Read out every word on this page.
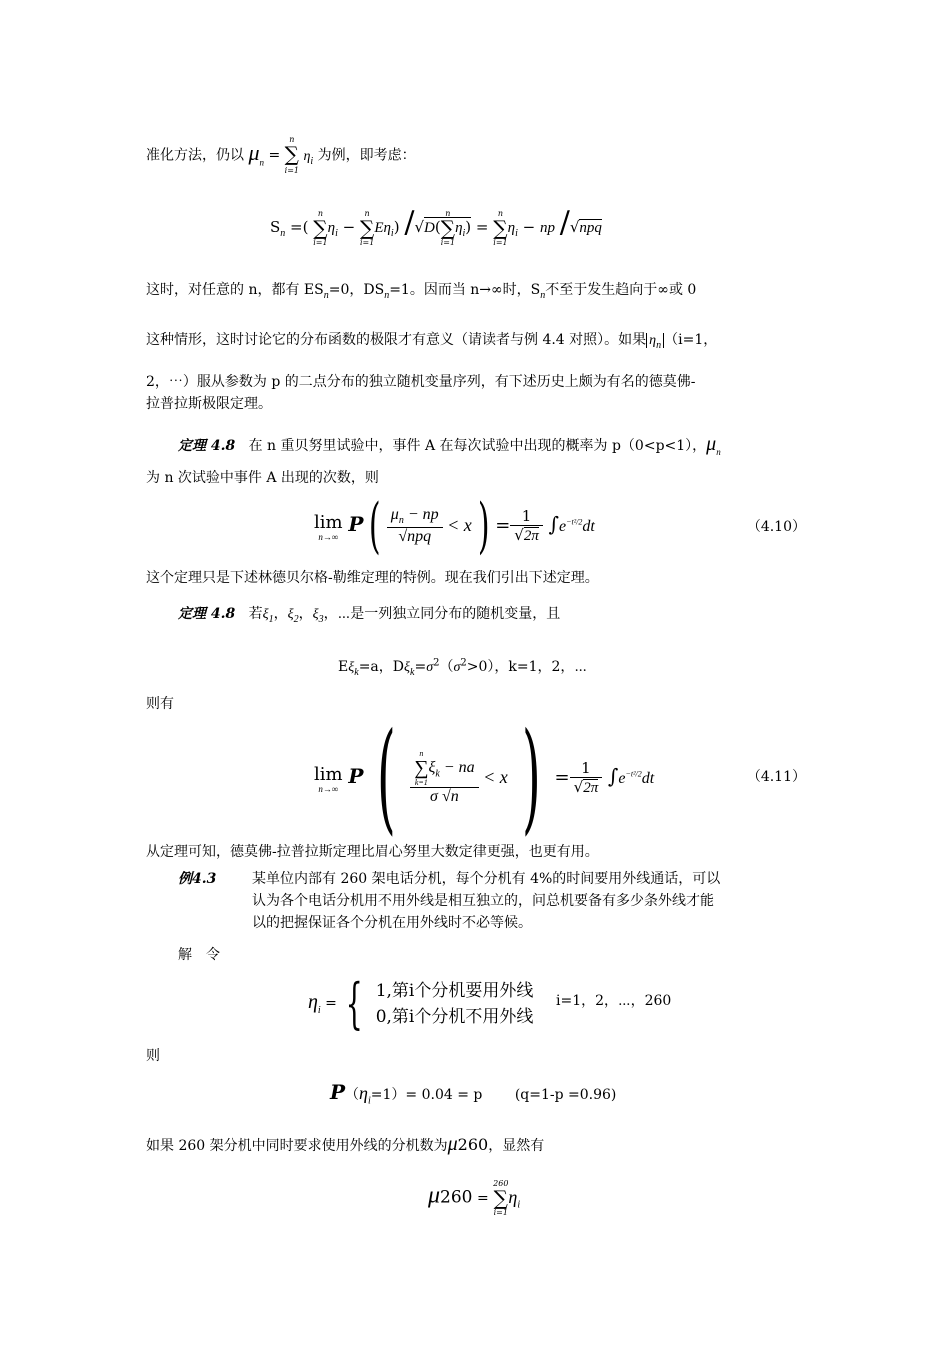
准化方法，仍以 $\mu_n$ =
n
∑
i=1
$\eta_i$ 为例，即考虑：
$S_n$ =(
n
∑
i=1
$\eta_i$ −
n
∑
i=1
$E\eta_i$) /√D(
n
∑
i=1
$\eta_i$) =
n
∑
i=1
$\eta_i$ − np /√npq
这时，对任意的 n，都有 $ES_n=0$，$DS_n=1$。因而当 n→∞时，$S_n$不至于发生趋向于∞或 0
这种情形，这时讨论它的分布函数的极限才有意义（请读者与例 4.4 对照）。如果 $\eta_n$ （i=1，
2，⋯）服从参数为 p 的二点分布的独立随机变量序列，有下述历史上颇为有名的德莫佛-
拉普拉斯极限定理。
定理 4.8 在 n 重贝努里试验中，事件 A 在每次试验中出现的概率为 p（0<p<1），$\mu_n$
为 n 次试验中事件 A 出现的次数，则
lim

n→∞
$P( \frac{\mu_n - np}{\text{√npq}} < x) = \frac{1}{√2\pi} \int e^{-t^2/2}dt$	（4.10）
这个定理只是下述林德贝尔格-勒维定理的特例。现在我们引出下述定理。
定理 4.8 若$\xi_1$，$\xi_2$，$\xi_3$，⋯是一列独立同分布的随机变量，且
$E\xi_k=a$，$D\xi_k=\sigma^2(\sigma^2>0)$，k=1，2，⋯
则有
lim

n→∞
P ( n
∑
k=1
$\xi_k$ − na
σ √n < x ) = $\frac{1}{√2\pi} \int e^{-t^2/2}dt$	（4.11）
从定理可知，德莫佛-拉普拉斯定理比眉心努里大数定律更强，也更有用。
例4.3	某单位内部有 260 架电话分机，每个分机有 4%的时间要用外线通话，可以
认为各个电话分机用不用外线是相互独立的，问总机要备有多少条外线才能
以的把握保证各个分机在用外线时不必等候。
解　令
$\eta_i$ = { 1,第i个分机要用外线
0,第i个分机不用外线
i=1，2，⋯，260
则
$P(\eta_i=1)= 0.04 = p$ (q=1-p =0.96)
如果 260 架分机中同时要求使用外线的分机数为μ260，显然有
μ260 =
260
∑
i=1
$\eta_i$
